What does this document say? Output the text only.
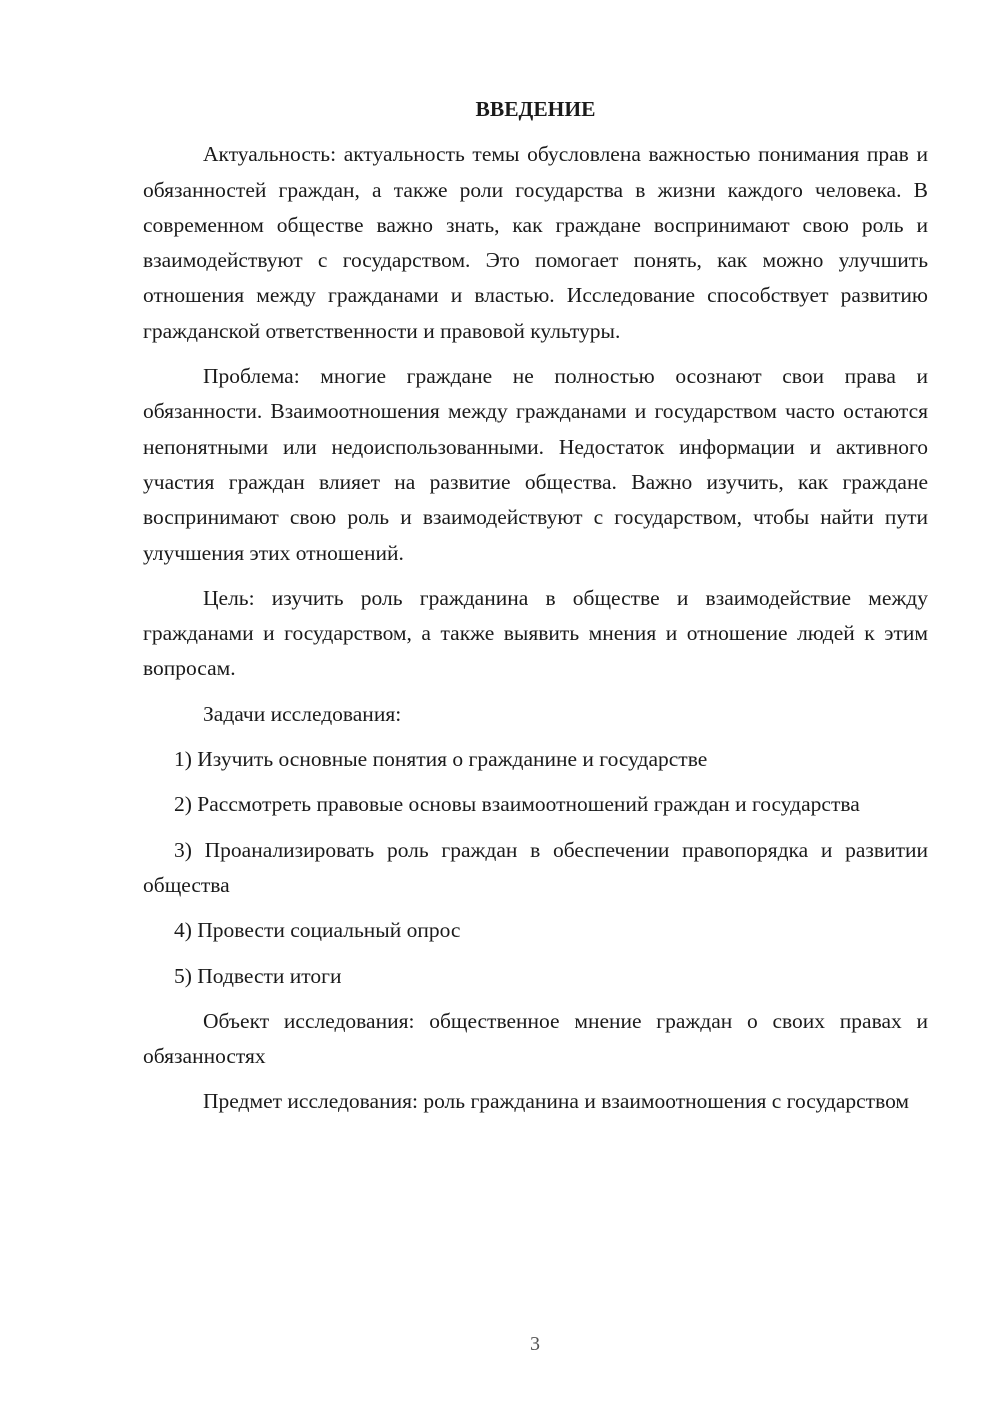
ВВЕДЕНИЕ

Актуальность: актуальность темы обусловлена важностью понимания прав и обязанностей граждан, а также роли государства в жизни каждого человека. В современном обществе важно знать, как граждане воспринимают свою роль и взаимодействуют с государством. Это помогает понять, как можно улучшить отношения между гражданами и властью. Исследование способствует развитию гражданской ответственности и правовой культуры.

Проблема: многие граждане не полностью осознают свои права и обязанности. Взаимоотношения между гражданами и государством часто остаются непонятными или недоиспользованными. Недостаток информации и активного участия граждан влияет на развитие общества. Важно изучить, как граждане воспринимают свою роль и взаимодействуют с государством, чтобы найти пути улучшения этих отношений.

Цель: изучить роль гражданина в обществе и взаимодействие между гражданами и государством, а также выявить мнения и отношение людей к этим вопросам.

Задачи исследования:

1) Изучить основные понятия о гражданине и государстве

2) Рассмотреть правовые основы взаимоотношений граждан и государства

3) Проанализировать роль граждан в обеспечении правопорядка и развитии общества

4) Провести социальный опрос

5) Подвести итоги

Объект исследования: общественное мнение граждан о своих правах и обязанностях

Предмет исследования: роль гражданина и взаимоотношения с государством

3
